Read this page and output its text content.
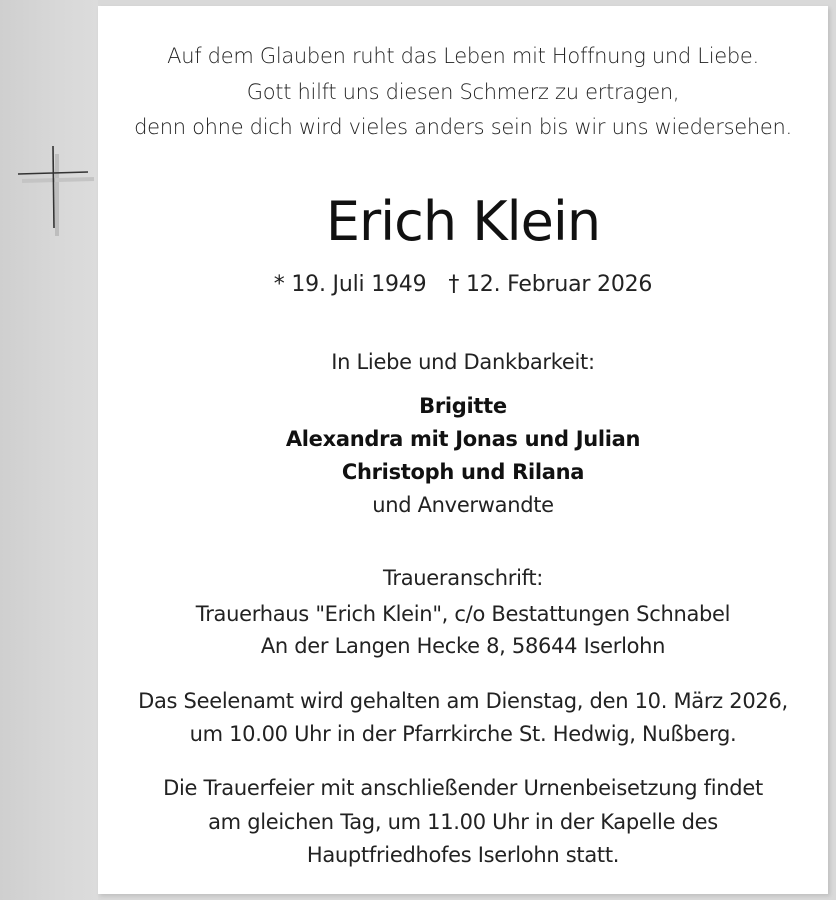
Auf dem Glauben ruht das Leben mit Hoffnung und Liebe.
Gott hilft uns diesen Schmerz zu ertragen,
denn ohne dich wird vieles anders sein bis wir uns wiedersehen.
Erich Klein
* 19. Juli 1949 † 12. Februar 2026
In Liebe und Dankbarkeit:
Brigitte
Alexandra mit Jonas und Julian
Christoph und Rilana
und Anverwandte
Traueranschrift:
Trauerhaus "Erich Klein", c/o Bestattungen Schnabel
An der Langen Hecke 8, 58644 Iserlohn
Das Seelenamt wird gehalten am Dienstag, den 10. März 2026,
um 10.00 Uhr in der Pfarrkirche St. Hedwig, Nußberg.
Die Trauerfeier mit anschließender Urnenbeisetzung findet
am gleichen Tag, um 11.00 Uhr in der Kapelle des
Hauptfriedhofes Iserlohn statt.
